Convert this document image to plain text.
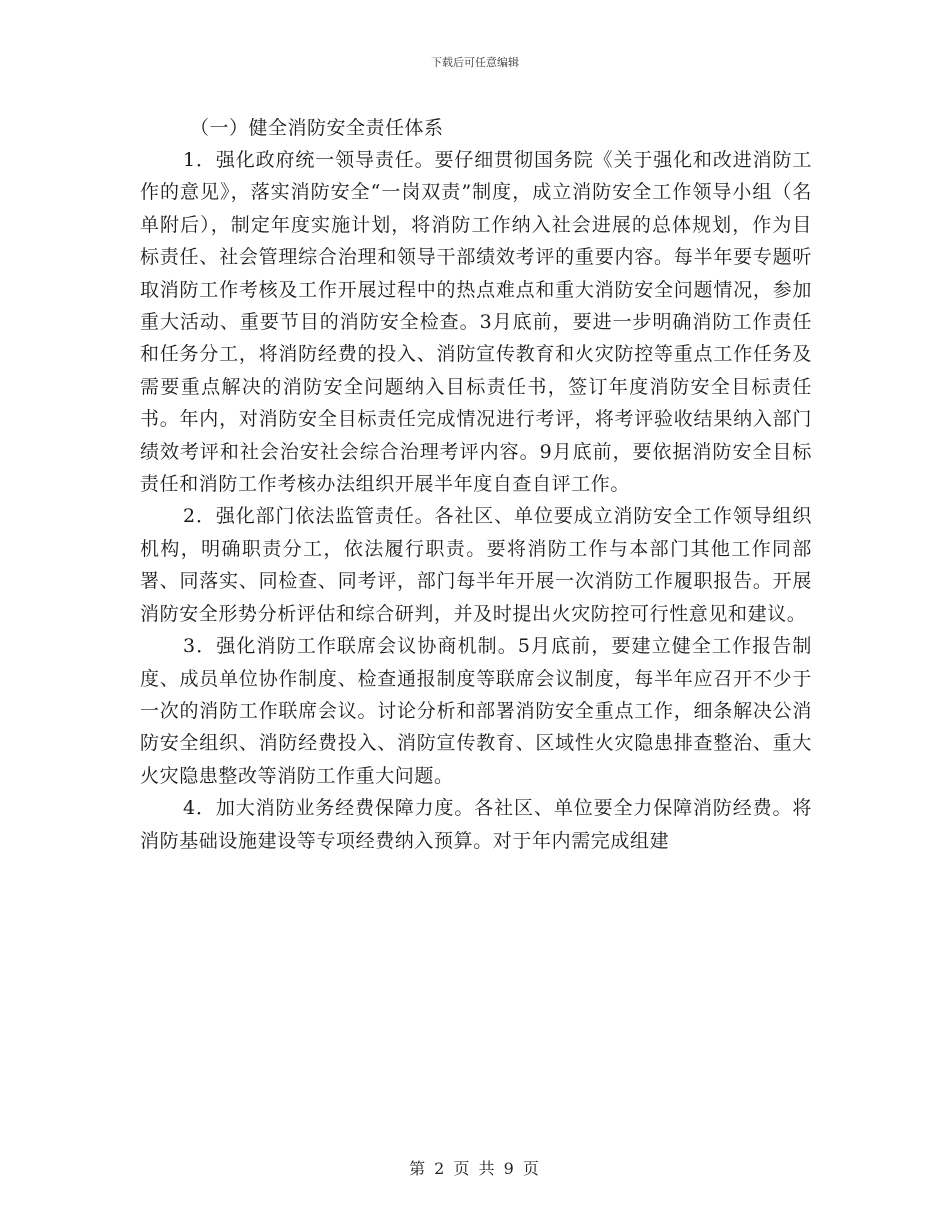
下载后可任意编辑

（一）健全消防安全责任体系

1．强化政府统一领导责任。要仔细贯彻国务院《关于强化和改进消防工作的意见》，落实消防安全“一岗双责”制度，成立消防安全工作领导小组（名单附后），制定年度实施计划，将消防工作纳入社会进展的总体规划，作为目标责任、社会管理综合治理和领导干部绩效考评的重要内容。每半年要专题听取消防工作考核及工作开展过程中的热点难点和重大消防安全问题情况，参加重大活动、重要节目的消防安全检查。3月底前，要进一步明确消防工作责任和任务分工，将消防经费的投入、消防宣传教育和火灾防控等重点工作任务及需要重点解决的消防安全问题纳入目标责任书，签订年度消防安全目标责任书。年内，对消防安全目标责任完成情况进行考评，将考评验收结果纳入部门绩效考评和社会治安社会综合治理考评内容。9月底前，要依据消防安全目标责任和消防工作考核办法组织开展半年度自查自评工作。

2．强化部门依法监管责任。各社区、单位要成立消防安全工作领导组织机构，明确职责分工，依法履行职责。要将消防工作与本部门其他工作同部署、同落实、同检查、同考评，部门每半年开展一次消防工作履职报告。开展消防安全形势分析评估和综合研判，并及时提出火灾防控可行性意见和建议。

3．强化消防工作联席会议协商机制。5月底前，要建立健全工作报告制度、成员单位协作制度、检查通报制度等联席会议制度，每半年应召开不少于一次的消防工作联席会议。讨论分析和部署消防安全重点工作，细条解决公消防安全组织、消防经费投入、消防宣传教育、区域性火灾隐患排查整治、重大火灾隐患整改等消防工作重大问题。

4．加大消防业务经费保障力度。各社区、单位要全力保障消防经费。将消防基础设施建设等专项经费纳入预算。对于年内需完成组建

第 2 页 共 9 页
